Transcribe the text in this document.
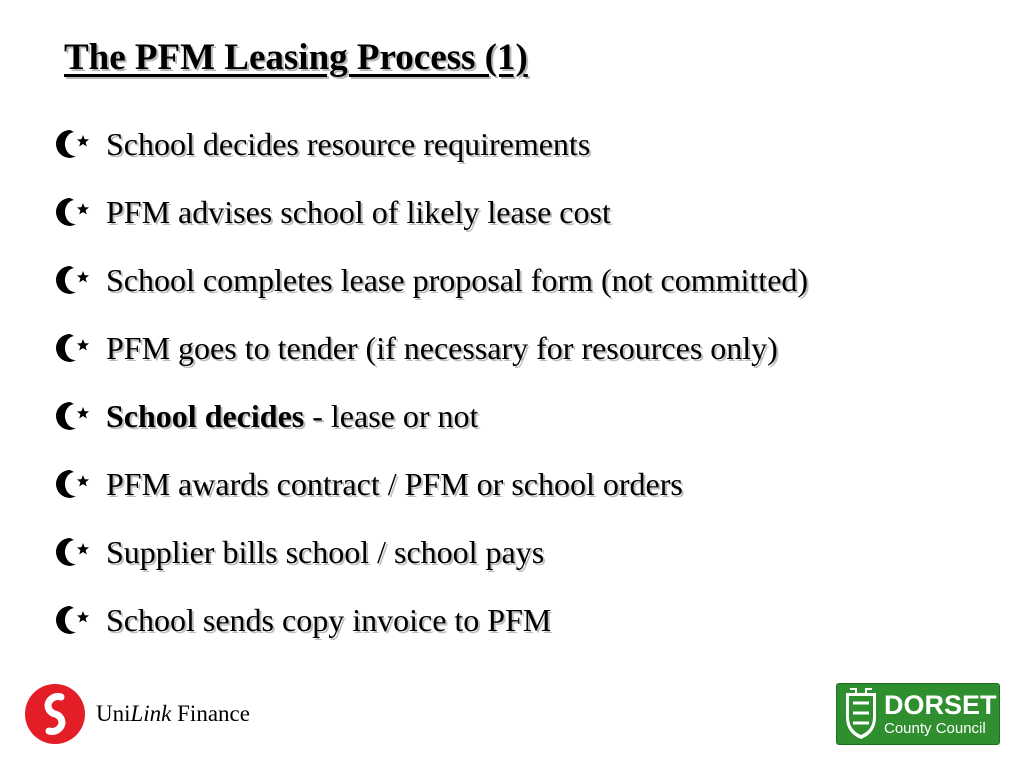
The PFM Leasing Process (1)
School decides resource requirements
PFM advises school of likely lease cost
School completes lease proposal form (not committed)
PFM goes to tender (if necessary for resources only)
School decides - lease or not
PFM awards contract / PFM or school orders
Supplier bills school / school pays
School sends copy invoice to PFM
UniLink Finance	DORSET
County Council
